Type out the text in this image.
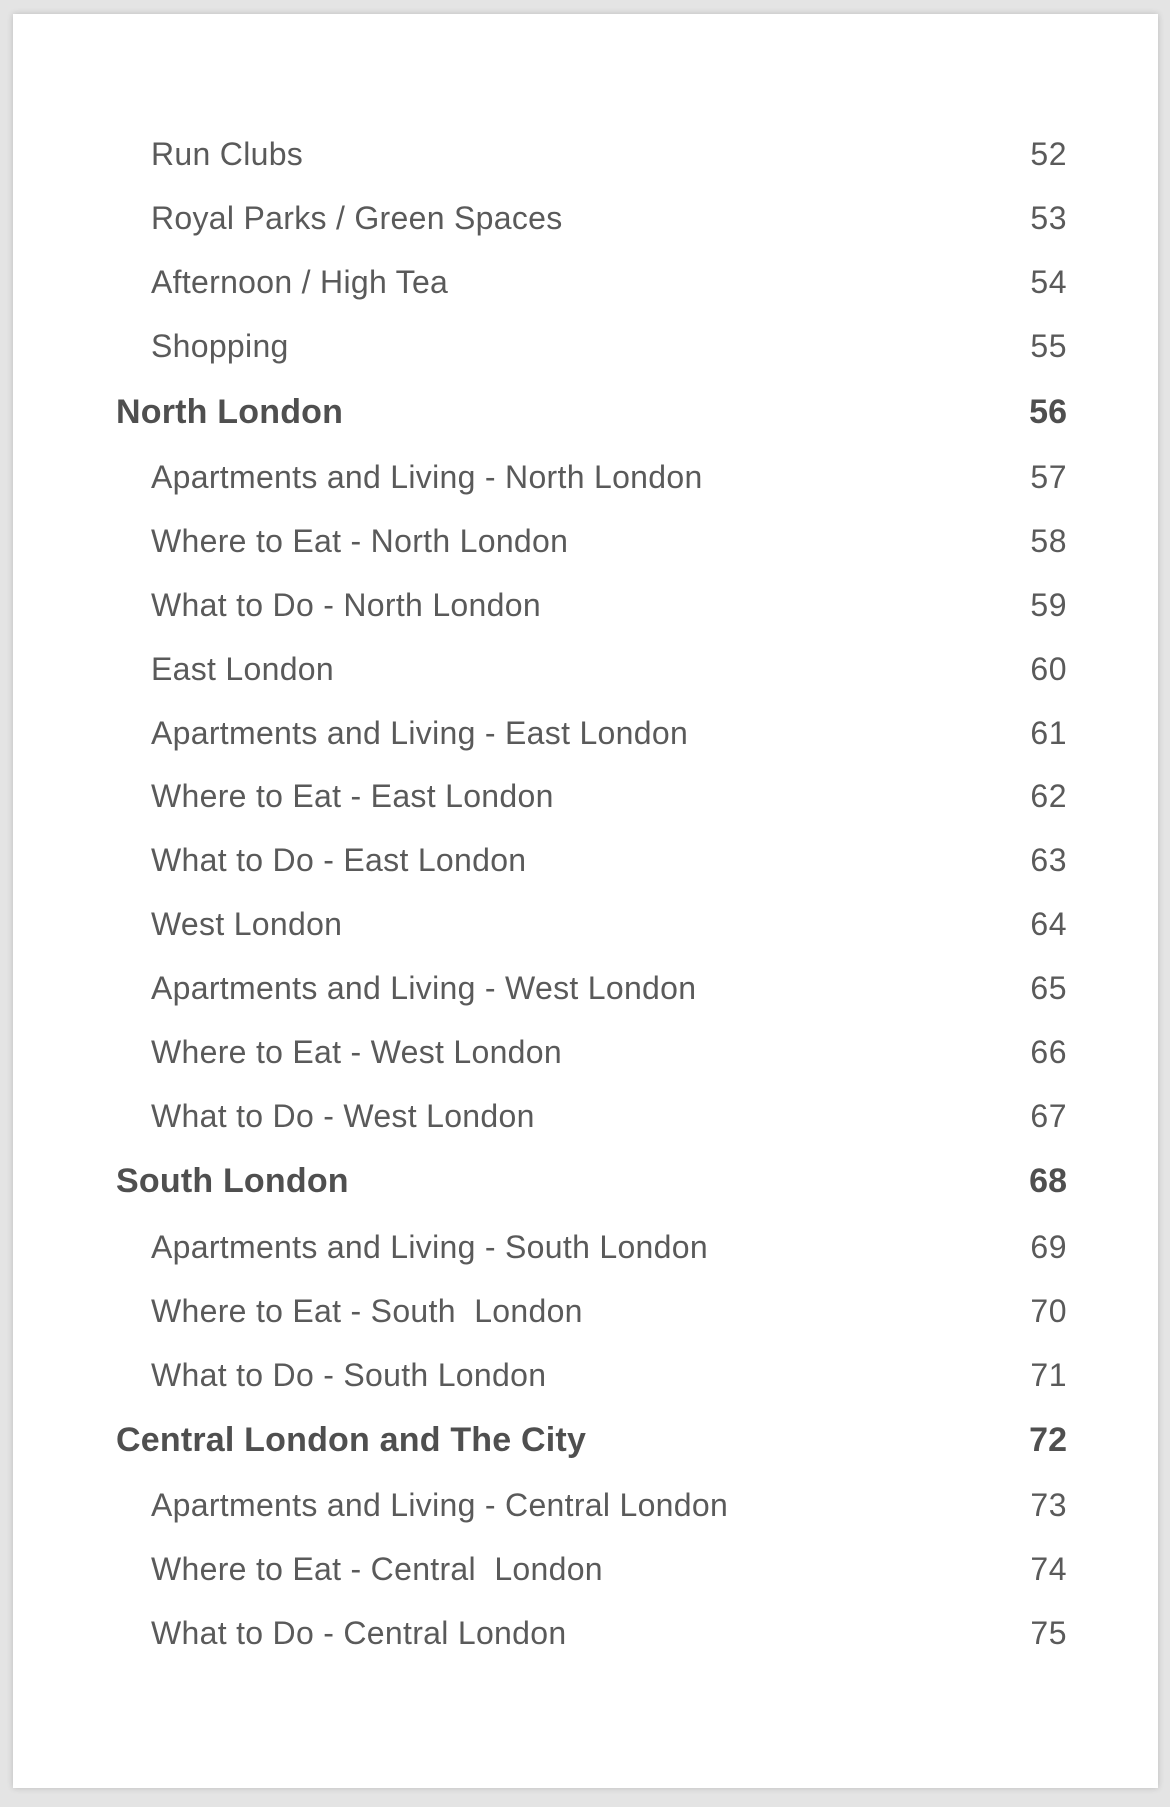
Run Clubs	52
Royal Parks / Green Spaces	53
Afternoon / High Tea	54
Shopping	55
North London	56
Apartments and Living - North London	57
Where to Eat - North London	58
What to Do - North London	59
East London	60
Apartments and Living - East London	61
Where to Eat - East London	62
What to Do - East London	63
West London	64
Apartments and Living - West London	65
Where to Eat - West London	66
What to Do - West London	67
South London	68
Apartments and Living - South London	69
Where to Eat - South  London	70
What to Do - South London	71
Central London and The City	72
Apartments and Living - Central London	73
Where to Eat - Central  London	74
What to Do - Central London	75
